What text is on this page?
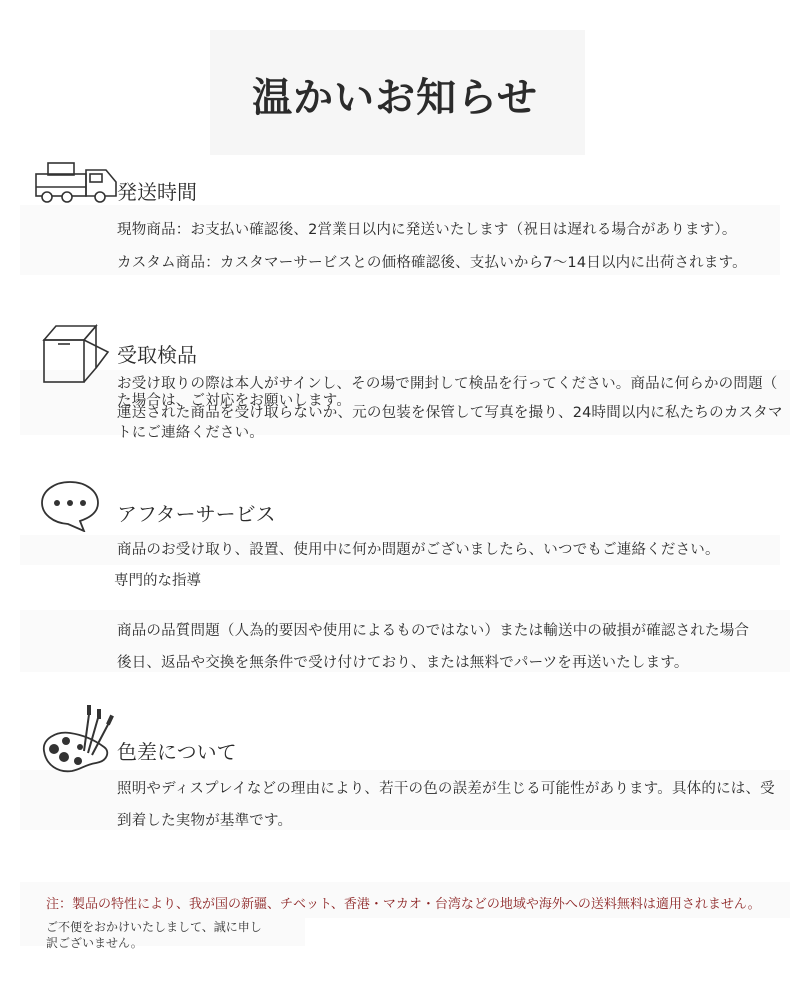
温かいお知らせ
発送時間
現物商品：お支払い確認後、2営業日以内に発送いたします（祝日は遅れる場合があります）。
カスタム商品：カスタマーサービスとの価格確認後、支払いから7〜14日以内に出荷されます。
受取検品
お受け取りの際は本人がサインし、その場で開封して検品を行ってください。商品に何らかの問題（
た場合は、ご対応をお願いします。
運送された商品を受け取らないか、元の包装を保管して写真を撮り、24時間以内に私たちのカスタマ
トにご連絡ください。
アフターサービス
商品のお受け取り、設置、使用中に何か問題がございましたら、いつでもご連絡ください。
専門的な指導
商品の品質問題（人為的要因や使用によるものではない）または輸送中の破損が確認された場合
後日、返品や交換を無条件で受け付けており、または無料でパーツを再送いたします。
色差について
照明やディスプレイなどの理由により、若干の色の誤差が生じる可能性があります。具体的には、受
到着した実物が基準です。
注：製品の特性により、我が国の新疆、チベット、香港・マカオ・台湾などの地域や海外への送料無料は適用されません。
ご不便をおかけいたしまして、誠に申し訳ございません。
